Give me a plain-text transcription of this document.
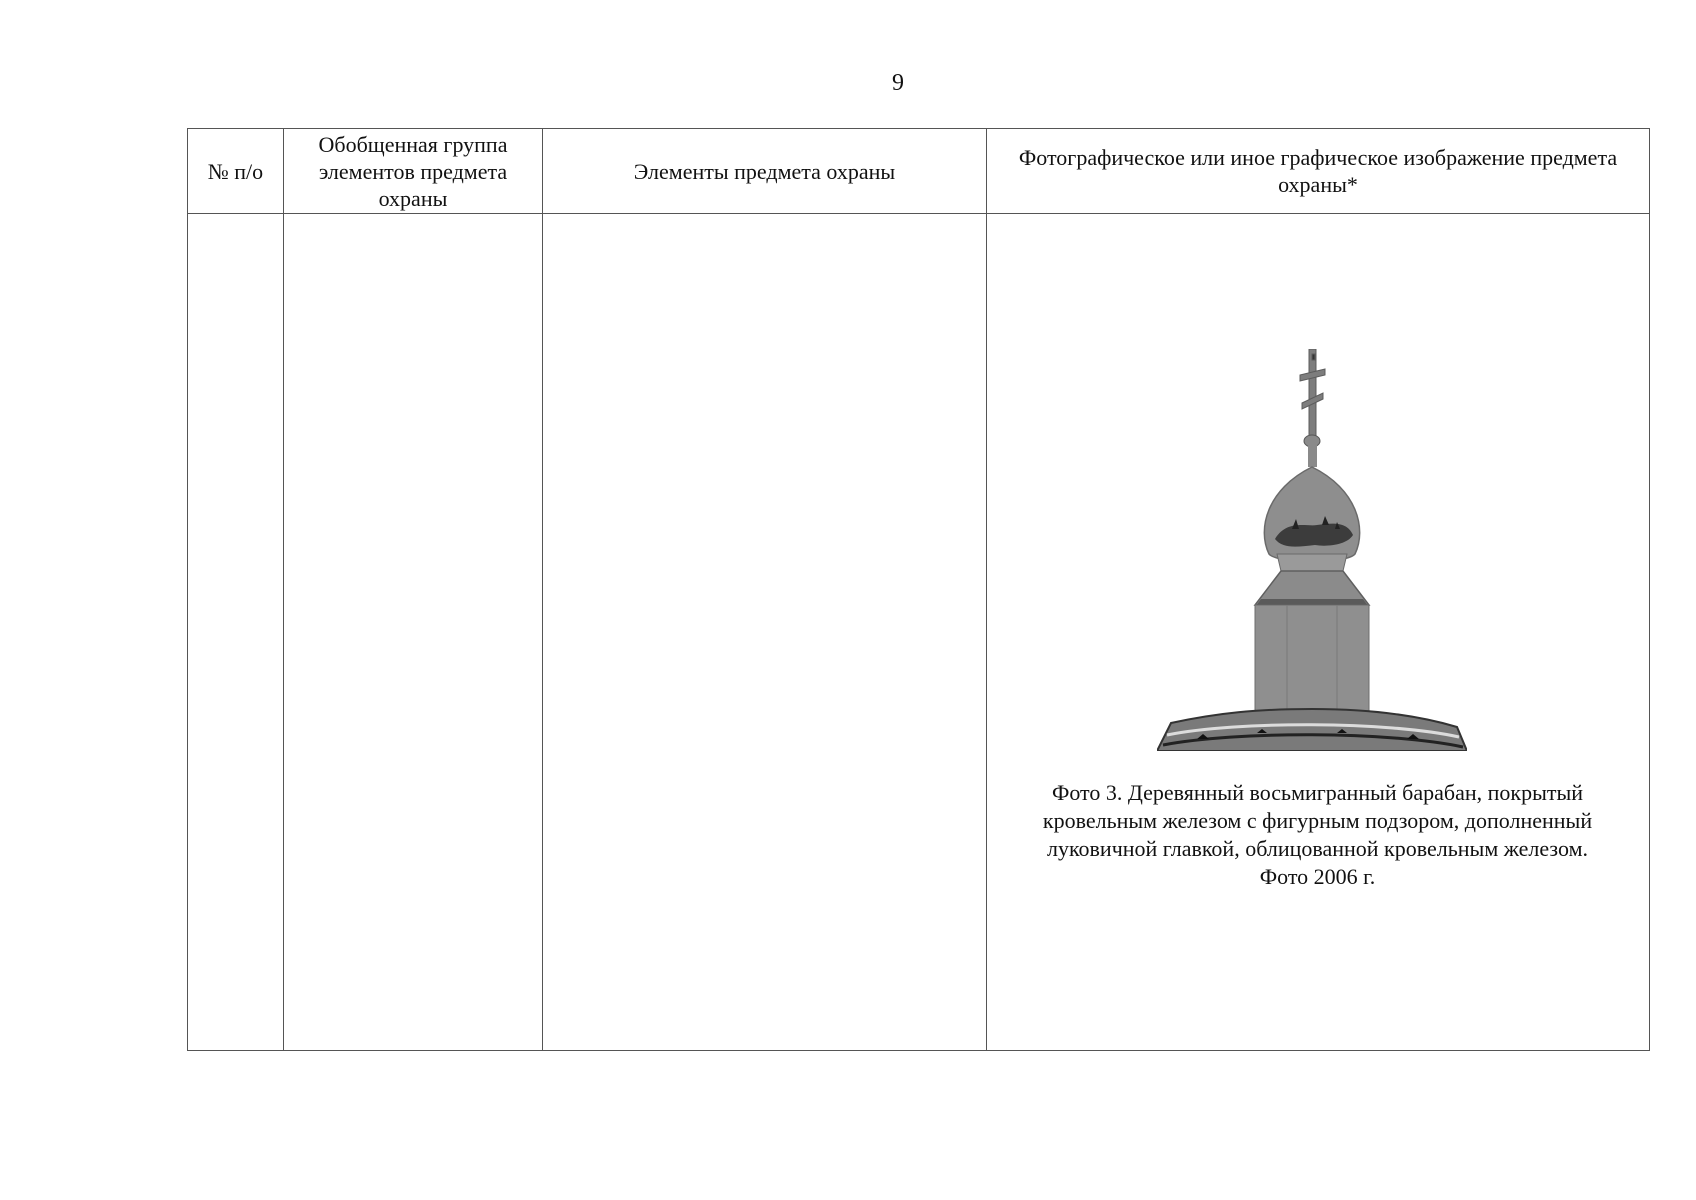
9
№ п/о	Обобщенная группа элементов предмета охраны	Элементы предмета охраны	Фотографическое или иное графическое изображение предмета охраны*

			Фото 3. Деревянный восьмигранный барабан, покрытый
кровельным железом с фигурным подзором, дополненный
луковичной главкой, облицованной кровельным железом.
Фото 2006 г.
